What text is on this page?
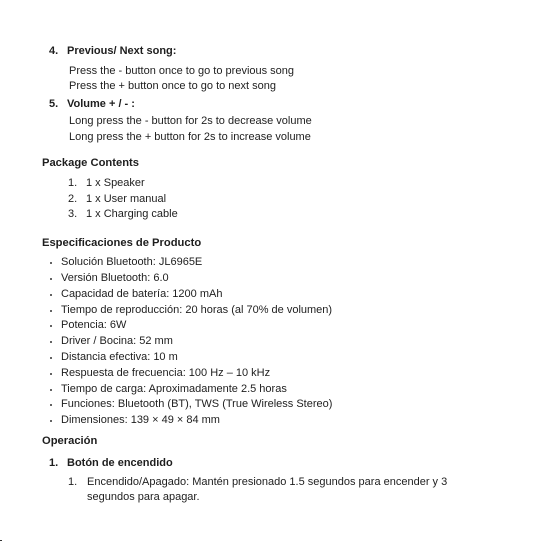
4. Previous/ Next song:
Press the - button once to go to previous song
Press the + button once to go to next song
5. Volume + / - :
Long press the - button for 2s to decrease volume
Long press the + button for 2s to increase volume
Package Contents
1. 1 x Speaker
2. 1 x User manual
3. 1 x Charging cable
Especificaciones de Producto
Solución Bluetooth: JL6965E
Versión Bluetooth: 6.0
Capacidad de batería: 1200 mAh
Tiempo de reproducción: 20 horas (al 70% de volumen)
Potencia: 6W
Driver / Bocina: 52 mm
Distancia efectiva: 10 m
Respuesta de frecuencia: 100 Hz – 10 kHz
Tiempo de carga: Aproximadamente 2.5 horas
Funciones: Bluetooth (BT), TWS (True Wireless Stereo)
Dimensiones: 139 × 49 × 84 mm
Operación
1. Botón de encendido
1. Encendido/Apagado: Mantén presionado 1.5 segundos para encender y 3
segundos para apagar.
